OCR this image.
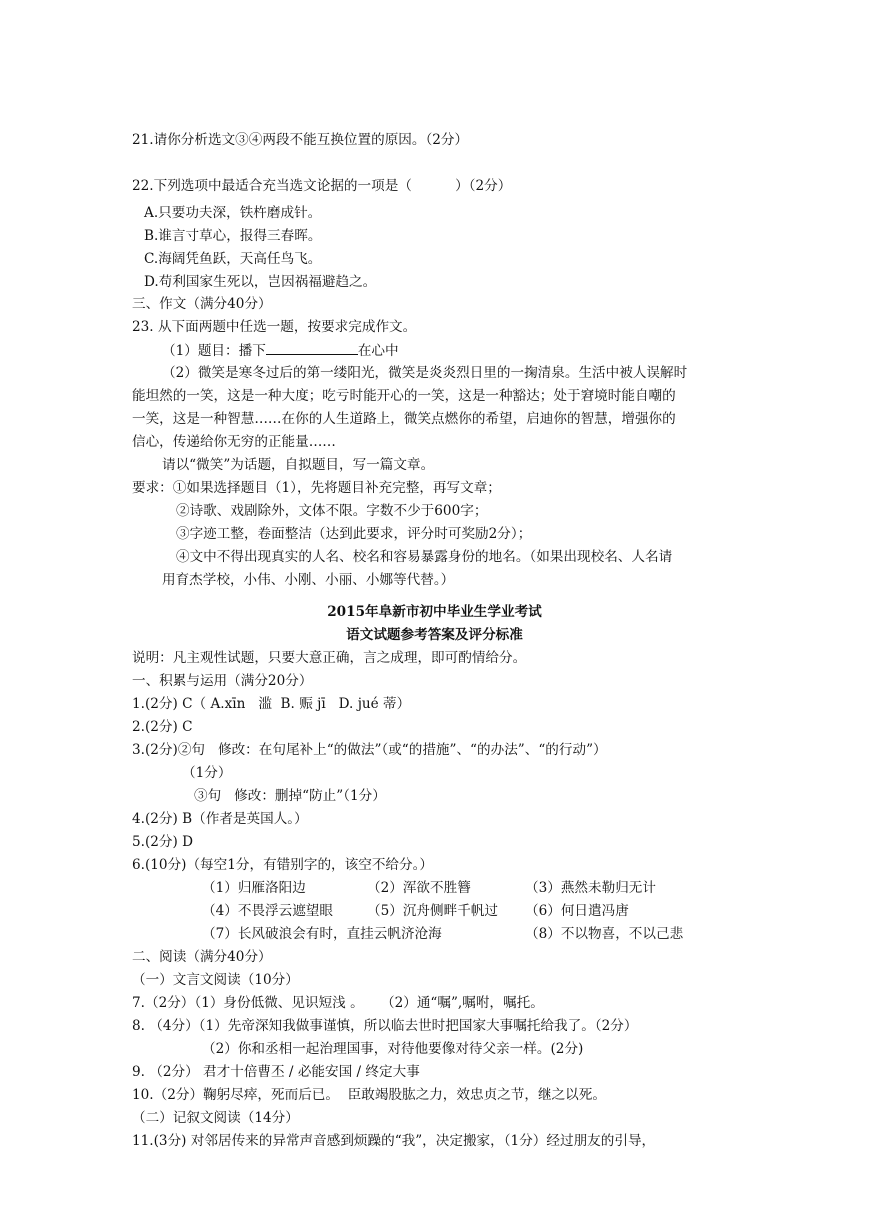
21.请你分析选文③④两段不能互换位置的原因。（2分）
22.下列选项中最适合充当选文论据的一项是（          ）（2分）
A.只要功夫深，铁杵磨成针。
B.谁言寸草心，报得三春晖。
C.海阔凭鱼跃，天高任鸟飞。
D.苟利国家生死以，岂因祸福避趋之。
三、作文（满分40分）
23. 从下面两题中任选一题，按要求完成作文。
（1）题目：播下	在心中
（2）微笑是寒冬过后的第一缕阳光，微笑是炎炎烈日里的一掬清泉。生活中被人误解时
能坦然的一笑，这是一种大度；吃亏时能开心的一笑，这是一种豁达；处于窘境时能自嘲的
一笑，这是一种智慧……在你的人生道路上，微笑点燃你的希望，启迪你的智慧，增强你的
信心，传递给你无穷的正能量……
请以“微笑”为话题，自拟题目，写一篇文章。
要求：①如果选择题目（1），先将题目补充完整，再写文章；
②诗歌、戏剧除外，文体不限。字数不少于600字；
③字迹工整，卷面整洁（达到此要求，评分时可奖励2分）；
④文中不得出现真实的人名、校名和容易暴露身份的地名。（如果出现校名、人名请
用育杰学校，小伟、小刚、小丽、小娜等代替。）
2015年阜新市初中毕业生学业考试
语文试题参考答案及评分标准
说明：凡主观性试题，只要大意正确，言之成理，即可酌情给分。
一、积累与运用（满分20分）
1.(2分) C（ A.xīn   滥  B. 赈 jī   D. jué 蒂）
2.(2分) C
3.(2分)②句   修改：在句尾补上“的做法”（或“的措施”、“的办法”、“的行动”）
（1分）
③句   修改：删掉“防止”（1分）
4.(2分) B（作者是英国人。）
5.(2分) D
6.(10分)（每空1分，有错别字的，该空不给分。）
（1）归雁洛阳边	（2）浑欲不胜簪	（3）燕然未勒归无计
（4）不畏浮云遮望眼	（5）沉舟侧畔千帆过 （6）何日遣冯唐
（7）长风破浪会有时，直挂云帆济沧海	（8）不以物喜，不以己悲
二、阅读（满分40分）
（一）文言文阅读（10分）
7.（2分）（1）身份低微、见识短浅 。    （2）通“嘱”,嘱咐，嘱托。
8. （4分）（1）先帝深知我做事谨慎，所以临去世时把国家大事嘱托给我了。（2分）
（2）你和丞相一起治理国事，对待他要像对待父亲一样。(2分)
9. （2分） 君才十倍曹丕 / 必能安国 / 终定大事
10.（2分）鞠躬尽瘁，死而后已。  臣敢竭股肱之力，效忠贞之节，继之以死。
（二）记叙文阅读（14分）
11.(3分) 对邻居传来的异常声音感到烦躁的“我”，决定搬家，（1分）经过朋友的引导，
